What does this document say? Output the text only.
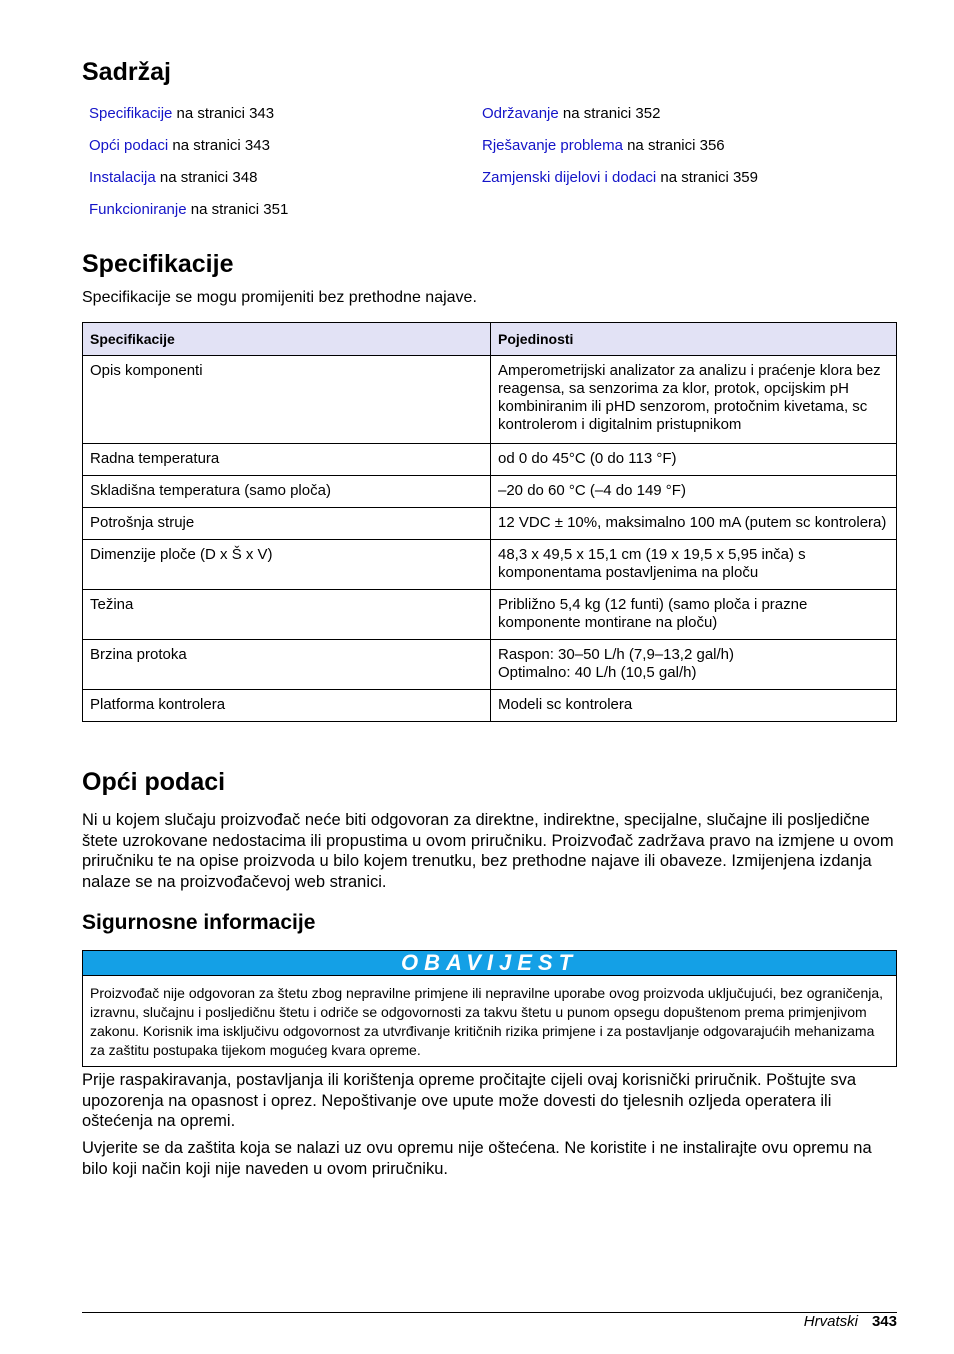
Sadržaj
Specifikacije na stranici 343
Opći podaci na stranici 343
Instalacija na stranici 348
Funkcioniranje na stranici 351
Održavanje na stranici 352
Rješavanje problema na stranici 356
Zamjenski dijelovi i dodaci na stranici 359
Specifikacije
Specifikacije se mogu promijeniti bez prethodne najave.
Specifikacije	Pojedinosti
Opis komponenti	Amperometrijski analizator za analizu i praćenje klora bez reagensa, sa senzorima za klor, protok, opcijskim pH kombiniranim ili pHD senzorom, protočnim kivetama, sc kontrolerom i digitalnim pristupnikom
Radna temperatura	od 0 do 45°C (0 do 113 °F)
Skladišna temperatura (samo ploča)	–20 do 60 °C (–4 do 149 °F)
Potrošnja struje	12 VDC ± 10%, maksimalno 100 mA (putem sc kontrolera)
Dimenzije ploče (D x Š x V)	48,3 x 49,5 x 15,1 cm (19 x 19,5 x 5,95 inča) s komponentama postavljenima na ploču
Težina	Približno 5,4 kg (12 funti) (samo ploča i prazne komponente montirane na ploču)
Brzina protoka	Raspon: 30–50 L/h (7,9–13,2 gal/h)
Optimalno: 40 L/h (10,5 gal/h)
Platforma kontrolera	Modeli sc kontrolera
Opći podaci

Ni u kojem slučaju proizvođač neće biti odgovoran za direktne, indirektne, specijalne, slučajne ili posljedične štete uzrokovane nedostacima ili propustima u ovom priručniku. Proizvođač zadržava pravo na izmjene u ovom priručniku te na opise proizvoda u bilo kojem trenutku, bez prethodne najave ili obaveze. Izmijenjena izdanja nalaze se na proizvođačevoj web stranici.

Sigurnosne informacije
OBAVIJEST
Proizvođač nije odgovoran za štetu zbog nepravilne primjene ili nepravilne uporabe ovog proizvoda uključujući, bez ograničenja, izravnu, slučajnu i posljedičnu štetu i odriče se odgovornosti za takvu štetu u punom opsegu dopuštenom prema primjenjivom zakonu. Korisnik ima isključivu odgovornost za utvrđivanje kritičnih rizika primjene i za postavljanje odgovarajućih mehanizama za zaštitu postupaka tijekom mogućeg kvara opreme.

Prije raspakiravanja, postavljanja ili korištenja opreme pročitajte cijeli ovaj korisnički priručnik. Poštujte sva upozorenja na opasnost i oprez. Nepoštivanje ove upute može dovesti do tjelesnih ozljeda operatera ili oštećenja na opremi.

Uvjerite se da zaštita koja se nalazi uz ovu opremu nije oštećena. Ne koristite i ne instalirajte ovu opremu na bilo koji način koji nije naveden u ovom priručniku.

Hrvatski 343
